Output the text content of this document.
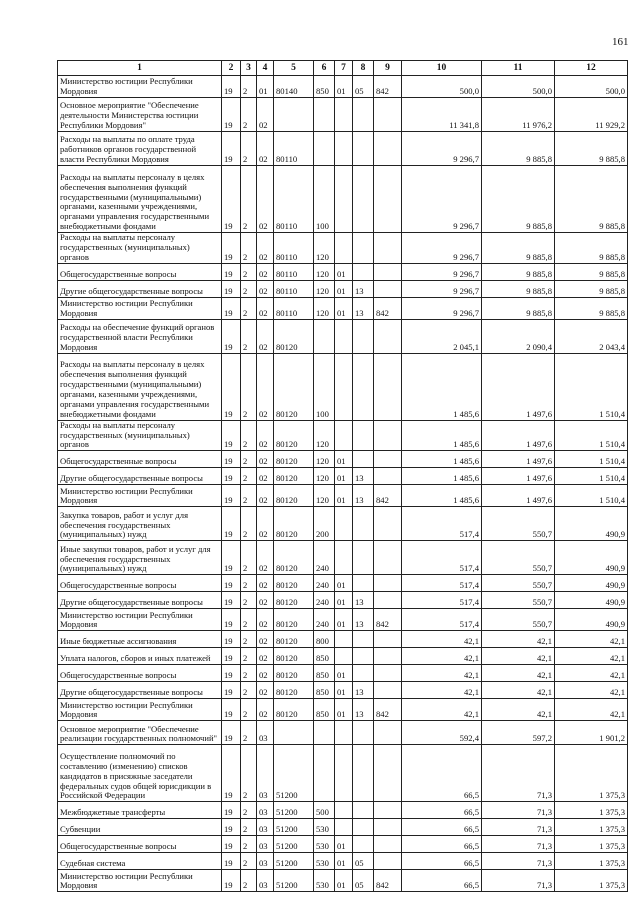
161
1	2	3	4	5	6	7	8	9	10	11	12
Министерство юстиции Республики Мордовия	19	2	01	80140	850	01	05	842	500,0	500,0	500,0
Основное мероприятие "Обеспечение деятельности Министерства юстиции Республики Мордовия"	19	2	02						11 341,8	11 976,2	11 929,2
Расходы на выплаты по оплате труда работников органов государственной власти Республики Мордовия	19	2	02	80110					9 296,7	9 885,8	9 885,8
Расходы на выплаты персоналу в целях обеспечения выполнения функций государственными (муниципальными) органами, казенными учреждениями, органами управления государственными внебюджетными фондами	19	2	02	80110	100				9 296,7	9 885,8	9 885,8
Расходы на выплаты персоналу государственных (муниципальных) органов	19	2	02	80110	120				9 296,7	9 885,8	9 885,8
Общегосударственные вопросы	19	2	02	80110	120	01			9 296,7	9 885,8	9 885,8
Другие общегосударственные вопросы	19	2	02	80110	120	01	13		9 296,7	9 885,8	9 885,8
Министерство юстиции Республики Мордовия	19	2	02	80110	120	01	13	842	9 296,7	9 885,8	9 885,8
Расходы на обеспечение функций органов государственной власти Республики Мордовия	19	2	02	80120					2 045,1	2 090,4	2 043,4
Расходы на выплаты персоналу в целях обеспечения выполнения функций государственными (муниципальными) органами, казенными учреждениями, органами управления государственными внебюджетными фондами	19	2	02	80120	100				1 485,6	1 497,6	1 510,4
Расходы на выплаты персоналу государственных (муниципальных) органов	19	2	02	80120	120				1 485,6	1 497,6	1 510,4
Общегосударственные вопросы	19	2	02	80120	120	01			1 485,6	1 497,6	1 510,4
Другие общегосударственные вопросы	19	2	02	80120	120	01	13		1 485,6	1 497,6	1 510,4
Министерство юстиции Республики Мордовия	19	2	02	80120	120	01	13	842	1 485,6	1 497,6	1 510,4
Закупка товаров, работ и услуг для обеспечения государственных (муниципальных) нужд	19	2	02	80120	200				517,4	550,7	490,9
Иные закупки товаров, работ и услуг для обеспечения государственных (муниципальных) нужд	19	2	02	80120	240				517,4	550,7	490,9
Общегосударственные вопросы	19	2	02	80120	240	01			517,4	550,7	490,9
Другие общегосударственные вопросы	19	2	02	80120	240	01	13		517,4	550,7	490,9
Министерство юстиции Республики Мордовия	19	2	02	80120	240	01	13	842	517,4	550,7	490,9
Иные бюджетные ассигнования	19	2	02	80120	800				42,1	42,1	42,1
Уплата налогов, сборов и иных платежей	19	2	02	80120	850				42,1	42,1	42,1
Общегосударственные вопросы	19	2	02	80120	850	01			42,1	42,1	42,1
Другие общегосударственные вопросы	19	2	02	80120	850	01	13		42,1	42,1	42,1
Министерство юстиции Республики Мордовия	19	2	02	80120	850	01	13	842	42,1	42,1	42,1
Основное мероприятие "Обеспечение реализации государственных полномочий"	19	2	03						592,4	597,2	1 901,2
Осуществление полномочий по составлению (изменению) списков кандидатов в присяжные заседатели федеральных судов общей юрисдикции в Российской Федерации	19	2	03	51200					66,5	71,3	1 375,3
Межбюджетные трансферты	19	2	03	51200	500				66,5	71,3	1 375,3
Субвенции	19	2	03	51200	530				66,5	71,3	1 375,3
Общегосударственные вопросы	19	2	03	51200	530	01			66,5	71,3	1 375,3
Судебная система	19	2	03	51200	530	01	05		66,5	71,3	1 375,3
Министерство юстиции Республики Мордовия	19	2	03	51200	530	01	05	842	66,5	71,3	1 375,3
